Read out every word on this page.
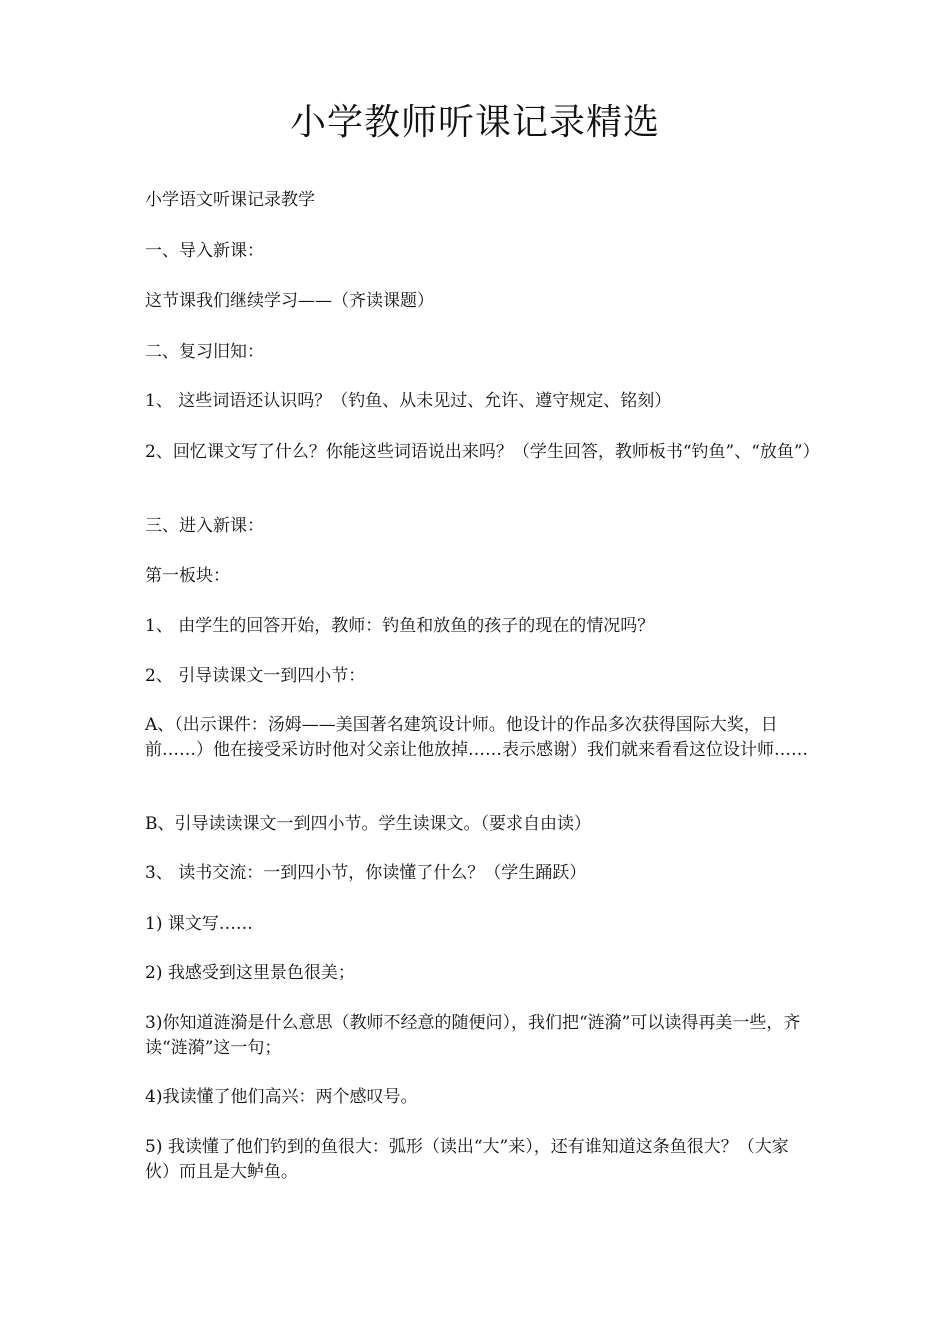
小学教师听课记录精选

小学语文听课记录教学

一、导入新课：

这节课我们继续学习——（齐读课题）

二、复习旧知：

1、 这些词语还认识吗？（钓鱼、从未见过、允许、遵守规定、铭刻）

2、回忆课文写了什么？你能这些词语说出来吗？（学生回答，教师板书“钓鱼”、“放鱼”）

三、进入新课：

第一板块：

1、 由学生的回答开始，教师：钓鱼和放鱼的孩子的现在的情况吗？

2、 引导读课文一到四小节：

A、（出示课件：汤姆——美国著名建筑设计师。他设计的作品多次获得国际大奖，日前……）他在接受采访时他对父亲让他放掉……表示感谢）我们就来看看这位设计师……

B、引导读读课文一到四小节。学生读课文。（要求自由读）

3、 读书交流：一到四小节，你读懂了什么？（学生踊跃）

1) 课文写……

2) 我感受到这里景色很美；

3)你知道涟漪是什么意思（教师不经意的随便问），我们把“涟漪”可以读得再美一些，齐读“涟漪”这一句；

4)我读懂了他们高兴：两个感叹号。

5) 我读懂了他们钓到的鱼很大：弧形（读出“大”来），还有谁知道这条鱼很大？（大家伙）而且是大鲈鱼。
